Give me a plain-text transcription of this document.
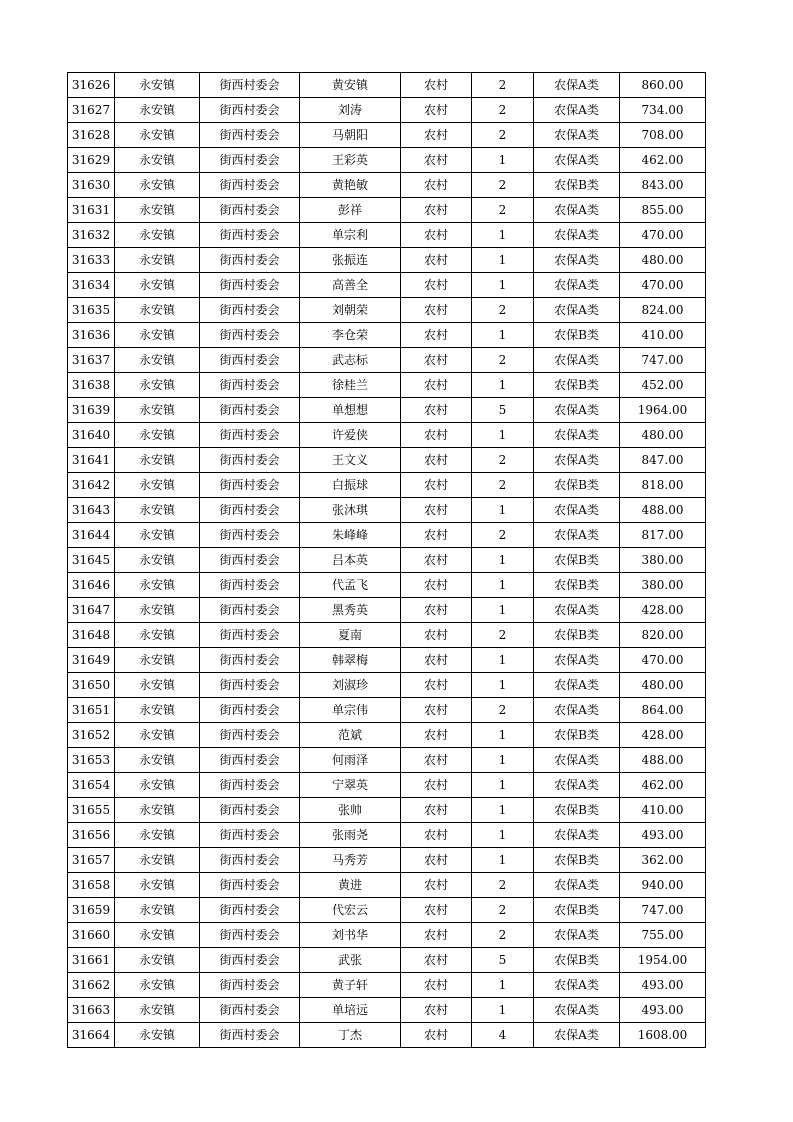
31626	永安镇	街西村委会	黄安镇	农村	2	农保A类	860.00
31627	永安镇	街西村委会	刘涛	农村	2	农保A类	734.00
31628	永安镇	街西村委会	马朝阳	农村	2	农保A类	708.00
31629	永安镇	街西村委会	王彩英	农村	1	农保A类	462.00
31630	永安镇	街西村委会	黄艳敏	农村	2	农保B类	843.00
31631	永安镇	街西村委会	彭祥	农村	2	农保A类	855.00
31632	永安镇	街西村委会	单宗利	农村	1	农保A类	470.00
31633	永安镇	街西村委会	张振连	农村	1	农保A类	480.00
31634	永安镇	街西村委会	高善全	农村	1	农保A类	470.00
31635	永安镇	街西村委会	刘朝荣	农村	2	农保A类	824.00
31636	永安镇	街西村委会	李仓荣	农村	1	农保B类	410.00
31637	永安镇	街西村委会	武志标	农村	2	农保A类	747.00
31638	永安镇	街西村委会	徐桂兰	农村	1	农保B类	452.00
31639	永安镇	街西村委会	单想想	农村	5	农保A类	1964.00
31640	永安镇	街西村委会	许爱侠	农村	1	农保A类	480.00
31641	永安镇	街西村委会	王文义	农村	2	农保A类	847.00
31642	永安镇	街西村委会	白振球	农村	2	农保B类	818.00
31643	永安镇	街西村委会	张沐琪	农村	1	农保A类	488.00
31644	永安镇	街西村委会	朱峰峰	农村	2	农保A类	817.00
31645	永安镇	街西村委会	吕本英	农村	1	农保B类	380.00
31646	永安镇	街西村委会	代孟飞	农村	1	农保B类	380.00
31647	永安镇	街西村委会	黑秀英	农村	1	农保A类	428.00
31648	永安镇	街西村委会	夏南	农村	2	农保B类	820.00
31649	永安镇	街西村委会	韩翠梅	农村	1	农保A类	470.00
31650	永安镇	街西村委会	刘淑珍	农村	1	农保A类	480.00
31651	永安镇	街西村委会	单宗伟	农村	2	农保A类	864.00
31652	永安镇	街西村委会	范斌	农村	1	农保B类	428.00
31653	永安镇	街西村委会	何雨泽	农村	1	农保A类	488.00
31654	永安镇	街西村委会	宁翠英	农村	1	农保A类	462.00
31655	永安镇	街西村委会	张帅	农村	1	农保B类	410.00
31656	永安镇	街西村委会	张雨尧	农村	1	农保A类	493.00
31657	永安镇	街西村委会	马秀芳	农村	1	农保B类	362.00
31658	永安镇	街西村委会	黄进	农村	2	农保A类	940.00
31659	永安镇	街西村委会	代宏云	农村	2	农保B类	747.00
31660	永安镇	街西村委会	刘书华	农村	2	农保A类	755.00
31661	永安镇	街西村委会	武张	农村	5	农保B类	1954.00
31662	永安镇	街西村委会	黄子轩	农村	1	农保A类	493.00
31663	永安镇	街西村委会	单培远	农村	1	农保A类	493.00
31664	永安镇	街西村委会	丁杰	农村	4	农保A类	1608.00
